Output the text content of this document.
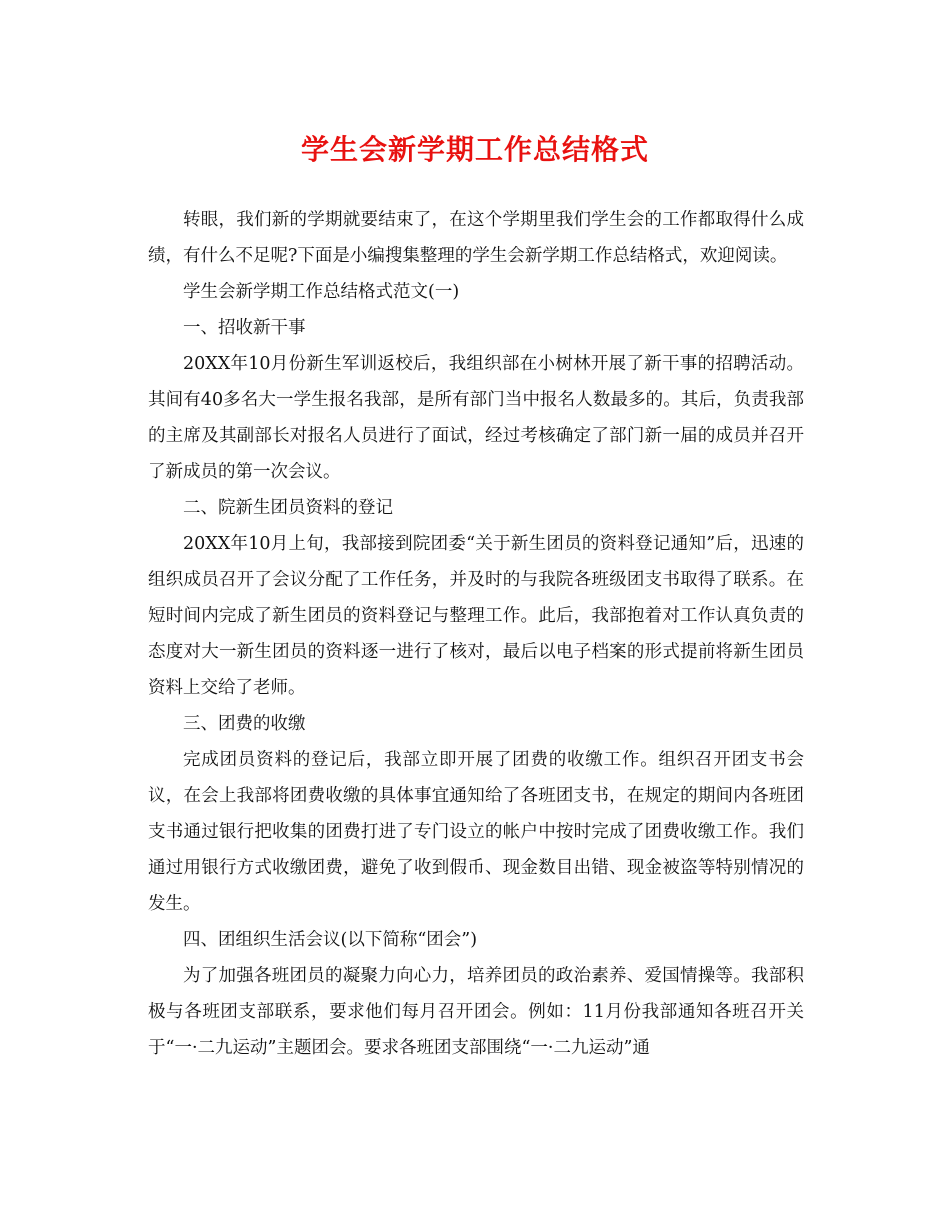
学生会新学期工作总结格式

转眼，我们新的学期就要结束了，在这个学期里我们学生会的工作都取得什么成绩，有什么不足呢?下面是小编搜集整理的学生会新学期工作总结格式，欢迎阅读。

学生会新学期工作总结格式范文(一)

一、招收新干事

20XX年10月份新生军训返校后，我组织部在小树林开展了新干事的招聘活动。其间有40多名大一学生报名我部，是所有部门当中报名人数最多的。其后，负责我部的主席及其副部长对报名人员进行了面试，经过考核确定了部门新一届的成员并召开了新成员的第一次会议。

二、院新生团员资料的登记

20XX年10月上旬，我部接到院团委“关于新生团员的资料登记通知”后，迅速的组织成员召开了会议分配了工作任务，并及时的与我院各班级团支书取得了联系。在短时间内完成了新生团员的资料登记与整理工作。此后，我部抱着对工作认真负责的态度对大一新生团员的资料逐一进行了核对，最后以电子档案的形式提前将新生团员资料上交给了老师。

三、团费的收缴

完成团员资料的登记后，我部立即开展了团费的收缴工作。组织召开团支书会议，在会上我部将团费收缴的具体事宜通知给了各班团支书，在规定的期间内各班团支书通过银行把收集的团费打进了专门设立的帐户中按时完成了团费收缴工作。我们通过用银行方式收缴团费，避免了收到假币、现金数目出错、现金被盗等特别情况的发生。

四、团组织生活会议(以下简称“团会”)

为了加强各班团员的凝聚力向心力，培养团员的政治素养、爱国情操等。我部积极与各班团支部联系，要求他们每月召开团会。例如：11月份我部通知各班召开关于“一·二九运动”主题团会。要求各班团支部围绕“一·二九运动”通
